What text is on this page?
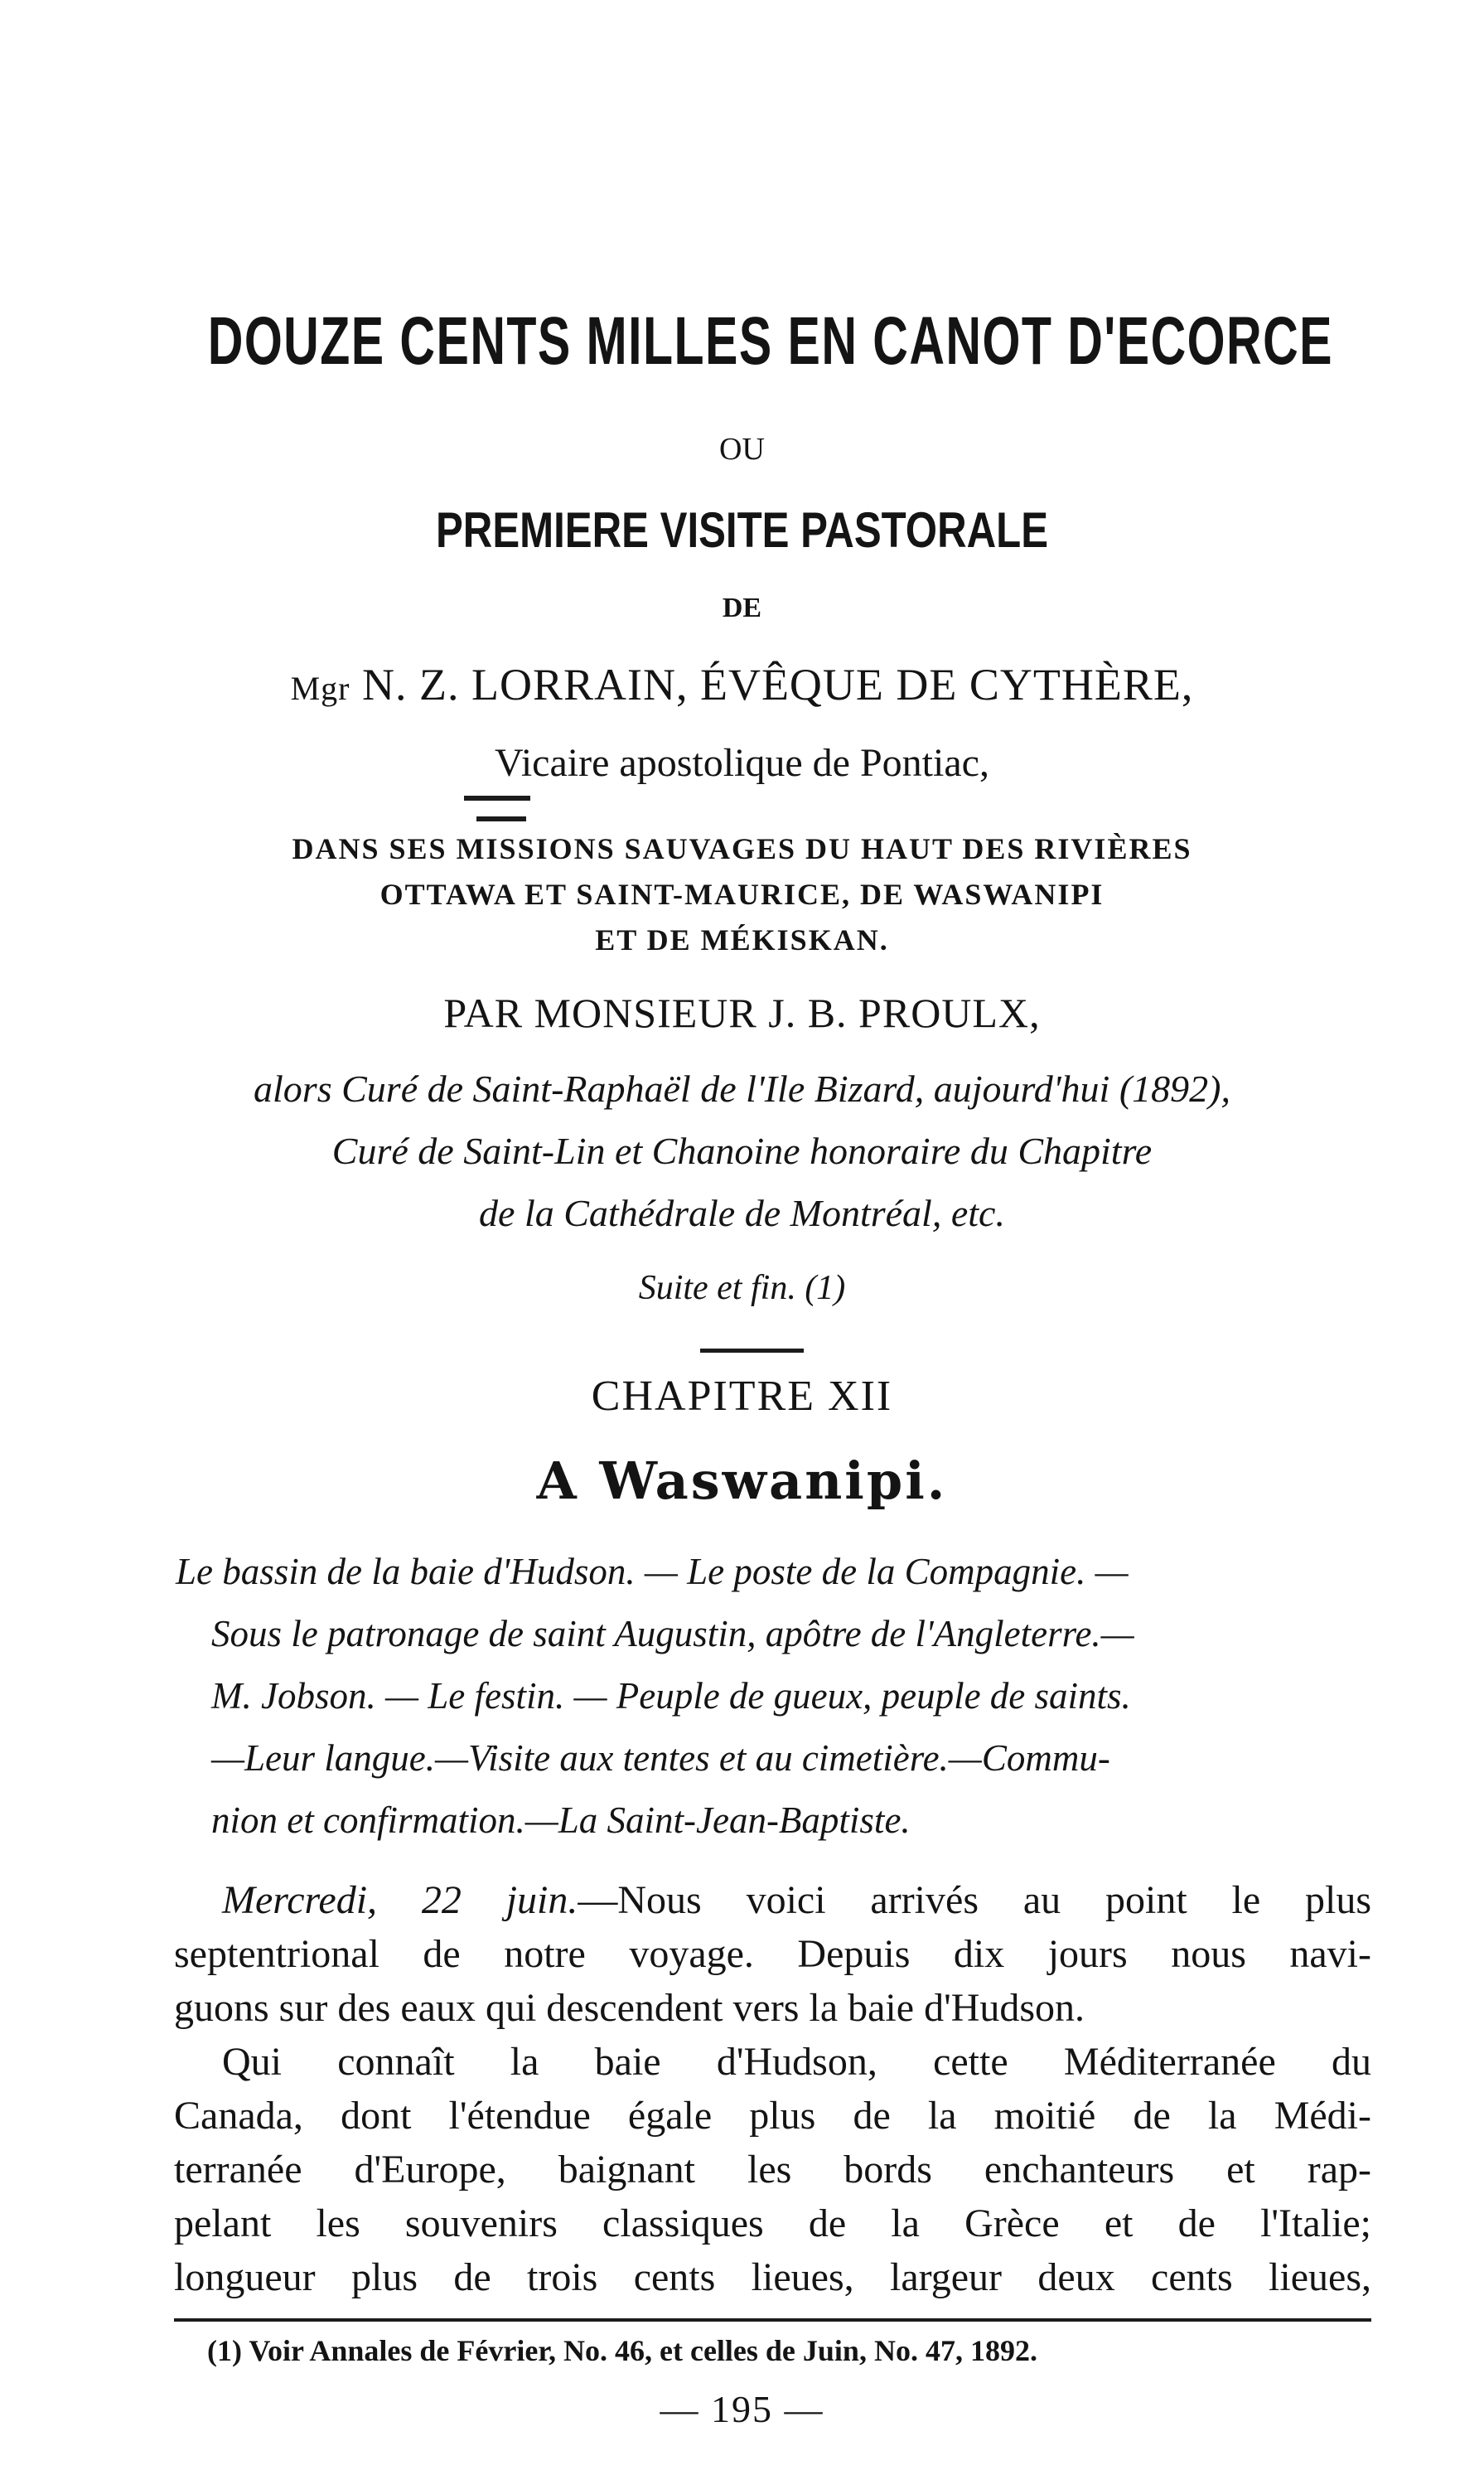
DOUZE CENTS MILLES EN CANOT D'ECORCE
OU
PREMIERE VISITE PASTORALE
DE
Mgr N. Z. LORRAIN, ÉVÊQUE DE CYTHÈRE,
Vicaire apostolique de Pontiac,
DANS SES MISSIONS SAUVAGES DU HAUT DES RIVIÈRES
OTTAWA ET SAINT-MAURICE, DE WASWANIPI
ET DE MÉKISKAN.
PAR MONSIEUR J. B. PROULX,
alors Curé de Saint-Raphaël de l'Ile Bizard, aujourd'hui (1892),
Curé de Saint-Lin et Chanoine honoraire du Chapitre
de la Cathédrale de Montréal, etc.
Suite et fin. (1)
CHAPITRE XII
A Waswanipi.
Le bassin de la baie d'Hudson. — Le poste de la Compagnie. —
Sous le patronage de saint Augustin, apôtre de l'Angleterre.—
M. Jobson. — Le festin. — Peuple de gueux, peuple de saints.
—Leur langue.—Visite aux tentes et au cimetière.—Commu-
nion et confirmation.—La Saint-Jean-Baptiste.
Mercredi, 22 juin.—Nous voici arrivés au point le plus
septentrional de notre voyage. Depuis dix jours nous navi-
guons sur des eaux qui descendent vers la baie d'Hudson.
Qui connaît la baie d'Hudson, cette Méditerranée du
Canada, dont l'étendue égale plus de la moitié de la Médi-
terranée d'Europe, baignant les bords enchanteurs et rap-
pelant les souvenirs classiques de la Grèce et de l'Italie;
longueur plus de trois cents lieues, largeur deux cents lieues,
(1) Voir Annales de Février, No. 46, et celles de Juin, No. 47, 1892.
— 195 —
